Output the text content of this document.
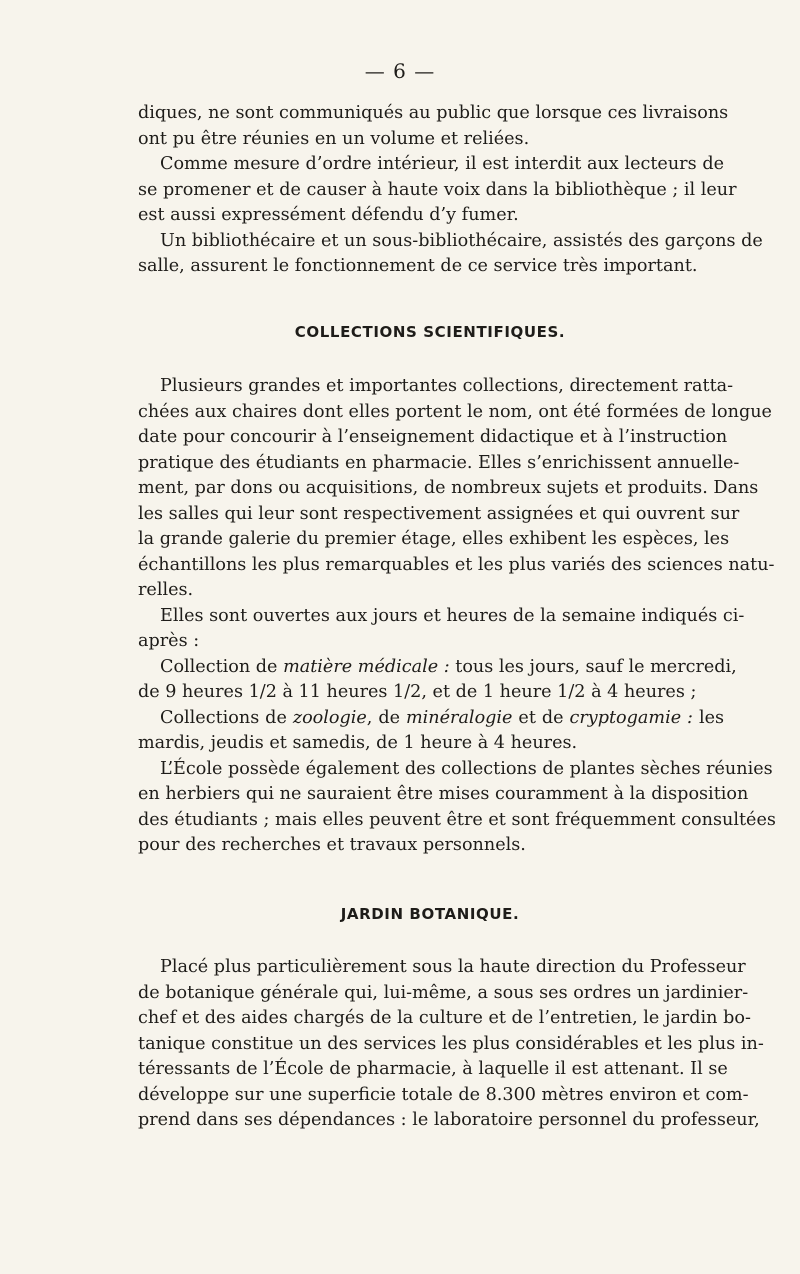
— 6 —
diques, ne sont communiqués au public que lorsque ces livraisons
ont pu être réunies en un volume et reliées.
Comme mesure d’ordre intérieur, il est interdit aux lecteurs de
se promener et de causer à haute voix dans la bibliothèque ; il leur
est aussi expressément défendu d’y fumer.
Un bibliothécaire et un sous-bibliothécaire, assistés des garçons de
salle, assurent le fonctionnement de ce service très important.
COLLECTIONS SCIENTIFIQUES.
Plusieurs grandes et importantes collections, directement ratta-
chées aux chaires dont elles portent le nom, ont été formées de longue
date pour concourir à l’enseignement didactique et à l’instruction
pratique des étudiants en pharmacie. Elles s’enrichissent annuelle-
ment, par dons ou acquisitions, de nombreux sujets et produits. Dans
les salles qui leur sont respectivement assignées et qui ouvrent sur
la grande galerie du premier étage, elles exhibent les espèces, les
échantillons les plus remarquables et les plus variés des sciences natu-
relles.
Elles sont ouvertes aux jours et heures de la semaine indiqués ci-
après :
Collection de matière médicale : tous les jours, sauf le mercredi,
de 9 heures 1/2 à 11 heures 1/2, et de 1 heure 1/2 à 4 heures ;
Collections de zoologie, de minéralogie et de cryptogamie : les
mardis, jeudis et samedis, de 1 heure à 4 heures.
L’École possède également des collections de plantes sèches réunies
en herbiers qui ne sauraient être mises couramment à la disposition
des étudiants ; mais elles peuvent être et sont fréquemment consultées
pour des recherches et travaux personnels.
JARDIN BOTANIQUE.
Placé plus particulièrement sous la haute direction du Professeur
de botanique générale qui, lui-même, a sous ses ordres un jardinier-
chef et des aides chargés de la culture et de l’entretien, le jardin bo-
tanique constitue un des services les plus considérables et les plus in-
téressants de l’École de pharmacie, à laquelle il est attenant. Il se
développe sur une superficie totale de 8.300 mètres environ et com-
prend dans ses dépendances : le laboratoire personnel du professeur,
